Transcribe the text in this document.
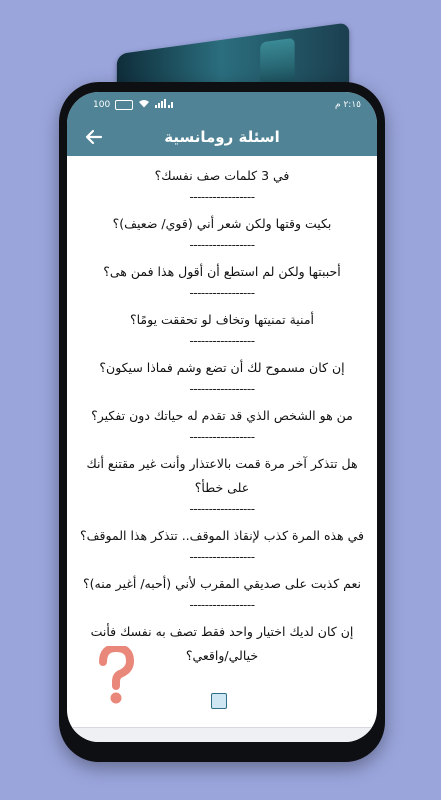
100	٢:١٥ م
اسئلة رومانسية

في 3 كلمات صف نفسك؟

-----------------

بكيت وقتها ولكن شعر أني (قوي/ ضعيف)؟

-----------------

أحببتها ولكن لم استطع أن أقول هذا فمن هى؟

-----------------

أمنية تمنيتها وتخاف لو تحققت يومًا؟

-----------------

إن كان مسموح لك أن تضع وشم فماذا سيكون؟

-----------------

من هو الشخص الذي قد تقدم له حياتك دون تفكير؟

-----------------

هل تتذكر آخر مرة قمت بالاعتذار وأنت غير مقتنع أنك على خطأ؟

-----------------

في هذه المرة كذب لإنقاذ الموقف.. تتذكر هذا الموقف؟

-----------------

نعم كذبت على صديقي المقرب لأني (أحبه/ أغير منه)؟

-----------------

إن كان لديك اختيار واحد فقط تصف به نفسك فأنت خيالي/واقعي؟
